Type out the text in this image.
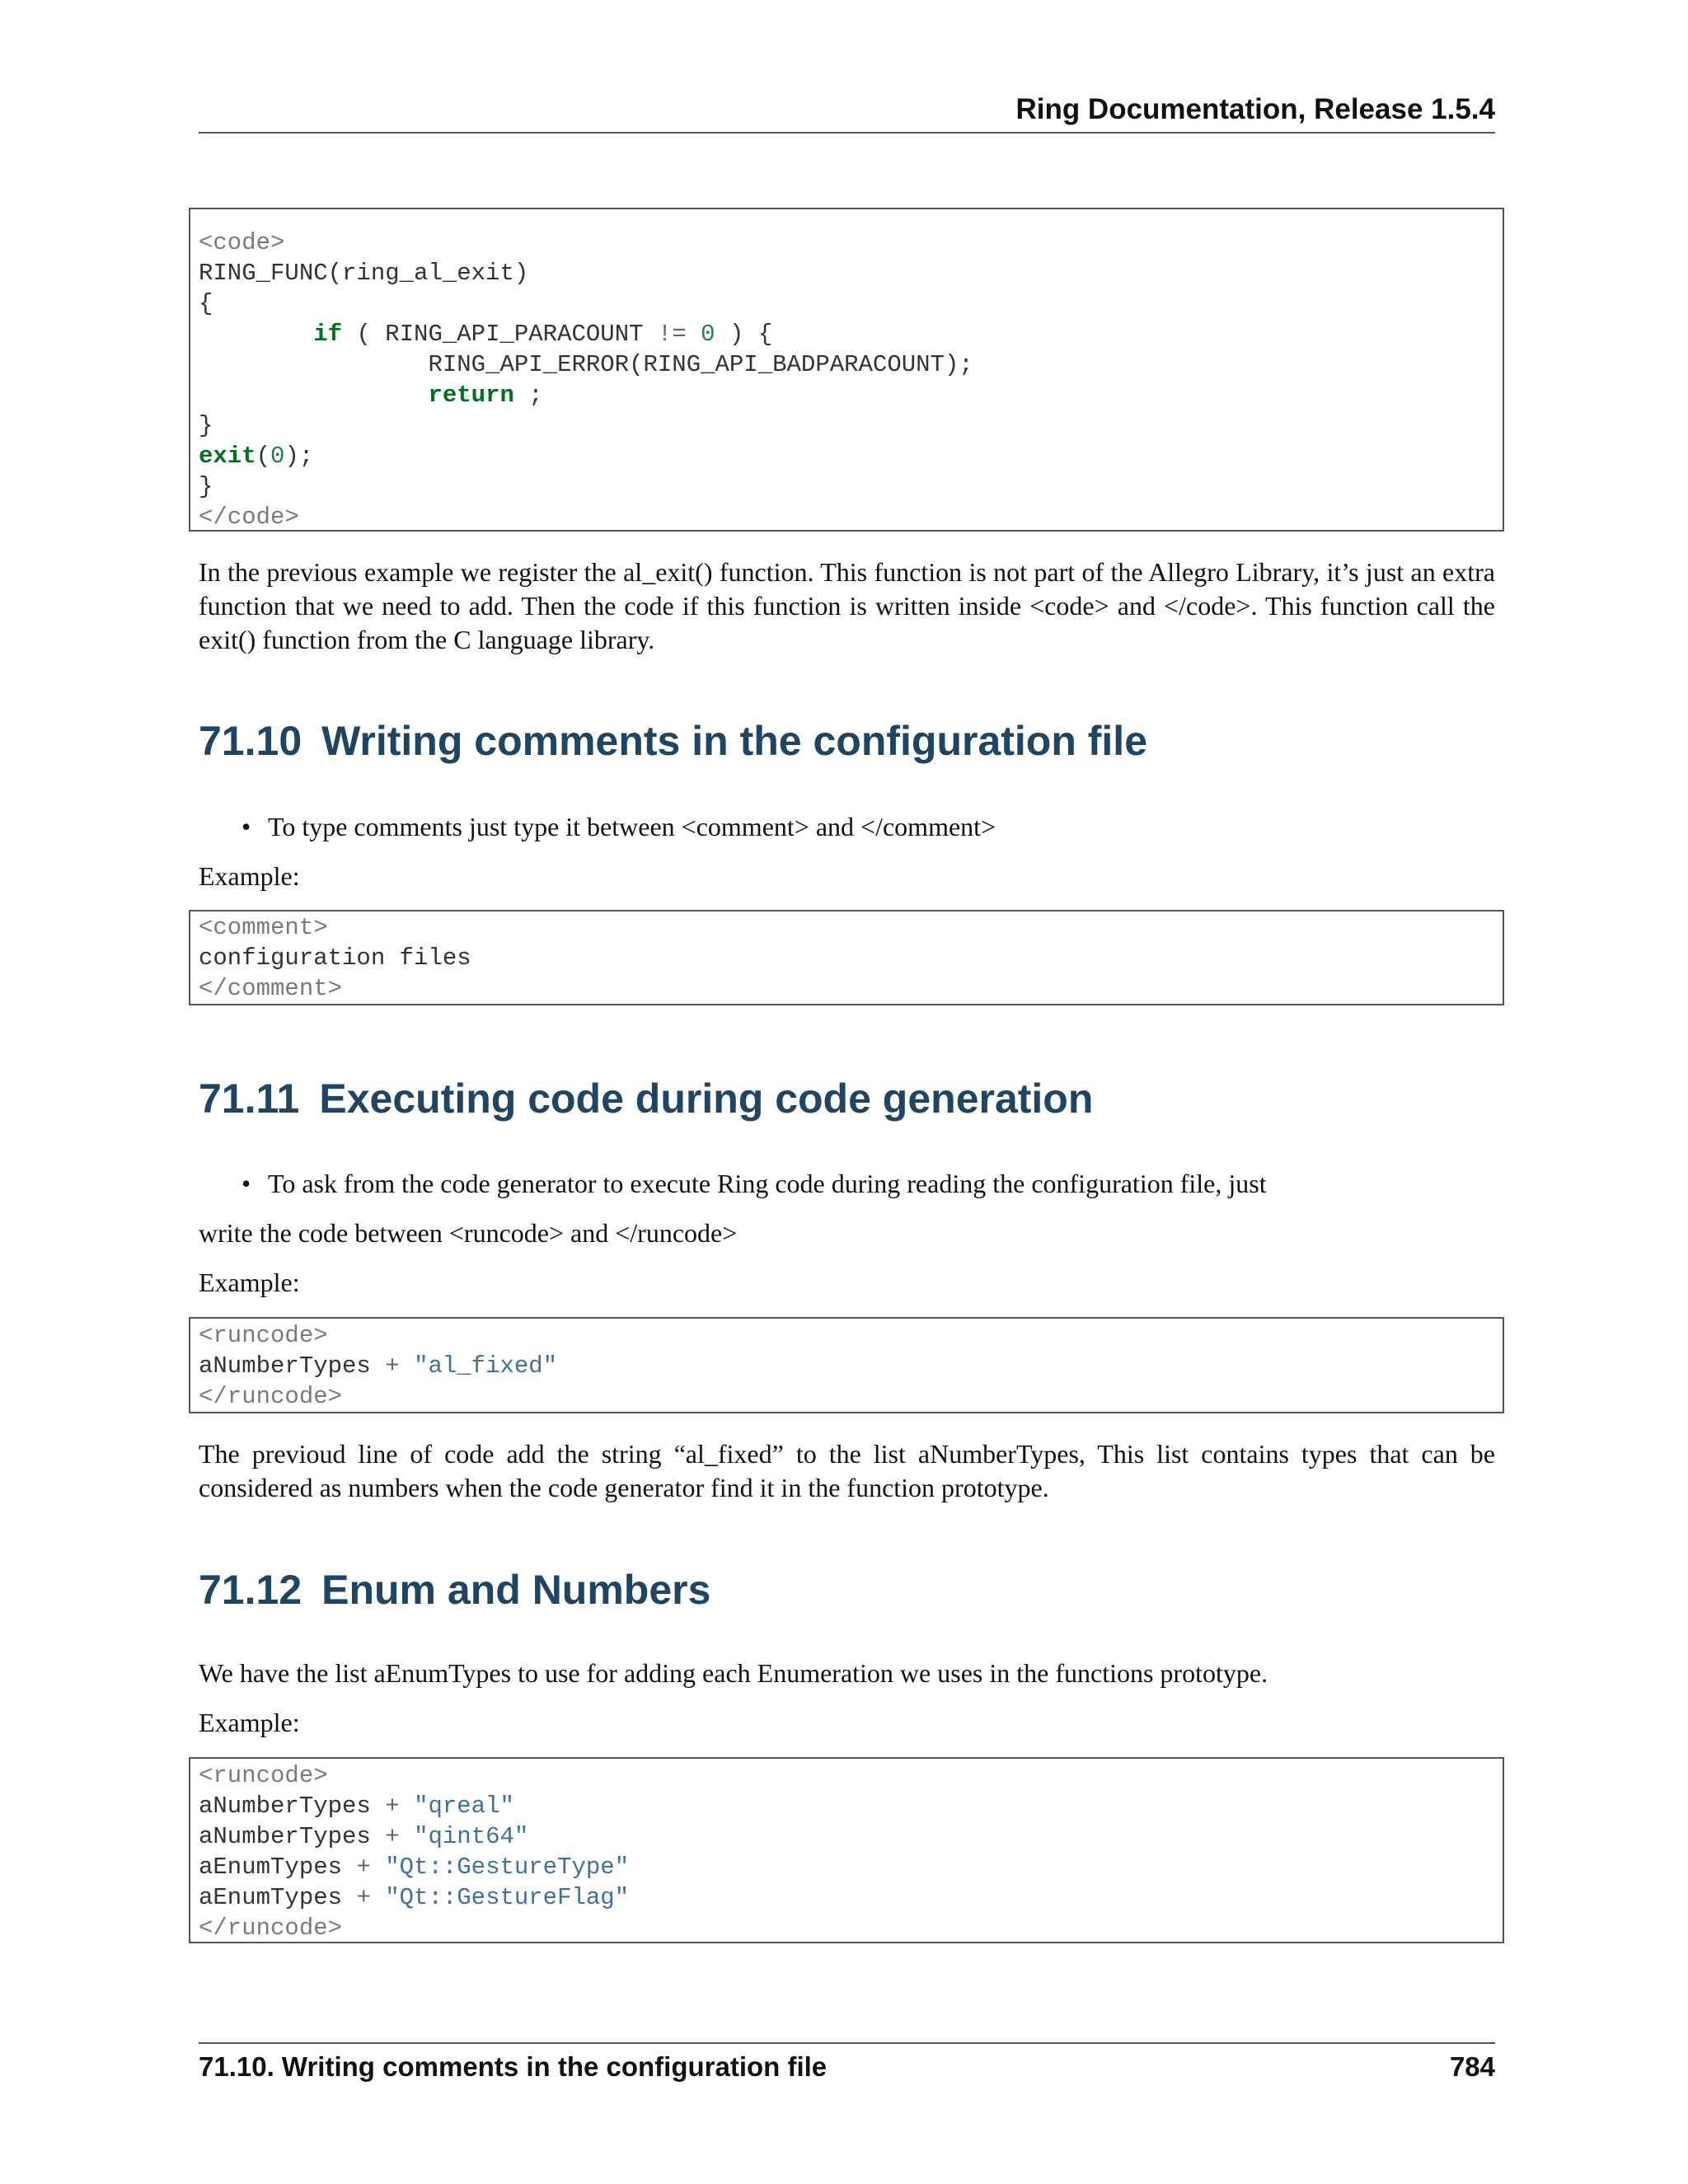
Ring Documentation, Release 1.5.4
<code>
RING_FUNC(ring_al_exit)
{
if ( RING_API_PARACOUNT != 0 ) {
RING_API_ERROR(RING_API_BADPARACOUNT);
return ;
}
exit(0);
}
</code>

In the previous example we register the al_exit() function. This function is not part of the Allegro Library, it’s just an extra function that we need to add. Then the code if this function is written inside <code> and </code>. This function call the exit() function from the C language library.

71.10 Writing comments in the configuration file
• To type comments just type it between <comment> and </comment>
Example:
<comment>
configuration files
</comment>
71.11 Executing code during code generation
• To ask from the code generator to execute Ring code during reading the configuration file, just
write the code between <runcode> and </runcode>
Example:
<runcode>
aNumberTypes + "al_fixed"
</runcode>

The previoud line of code add the string “al_fixed” to the list aNumberTypes, This list contains types that can be considered as numbers when the code generator find it in the function prototype.

71.12 Enum and Numbers
We have the list aEnumTypes to use for adding each Enumeration we uses in the functions prototype.
Example:
<runcode>
aNumberTypes + "qreal"
aNumberTypes + "qint64"
aEnumTypes + "Qt::GestureType"
aEnumTypes + "Qt::GestureFlag"
</runcode>
71.10. Writing comments in the configuration file	784
